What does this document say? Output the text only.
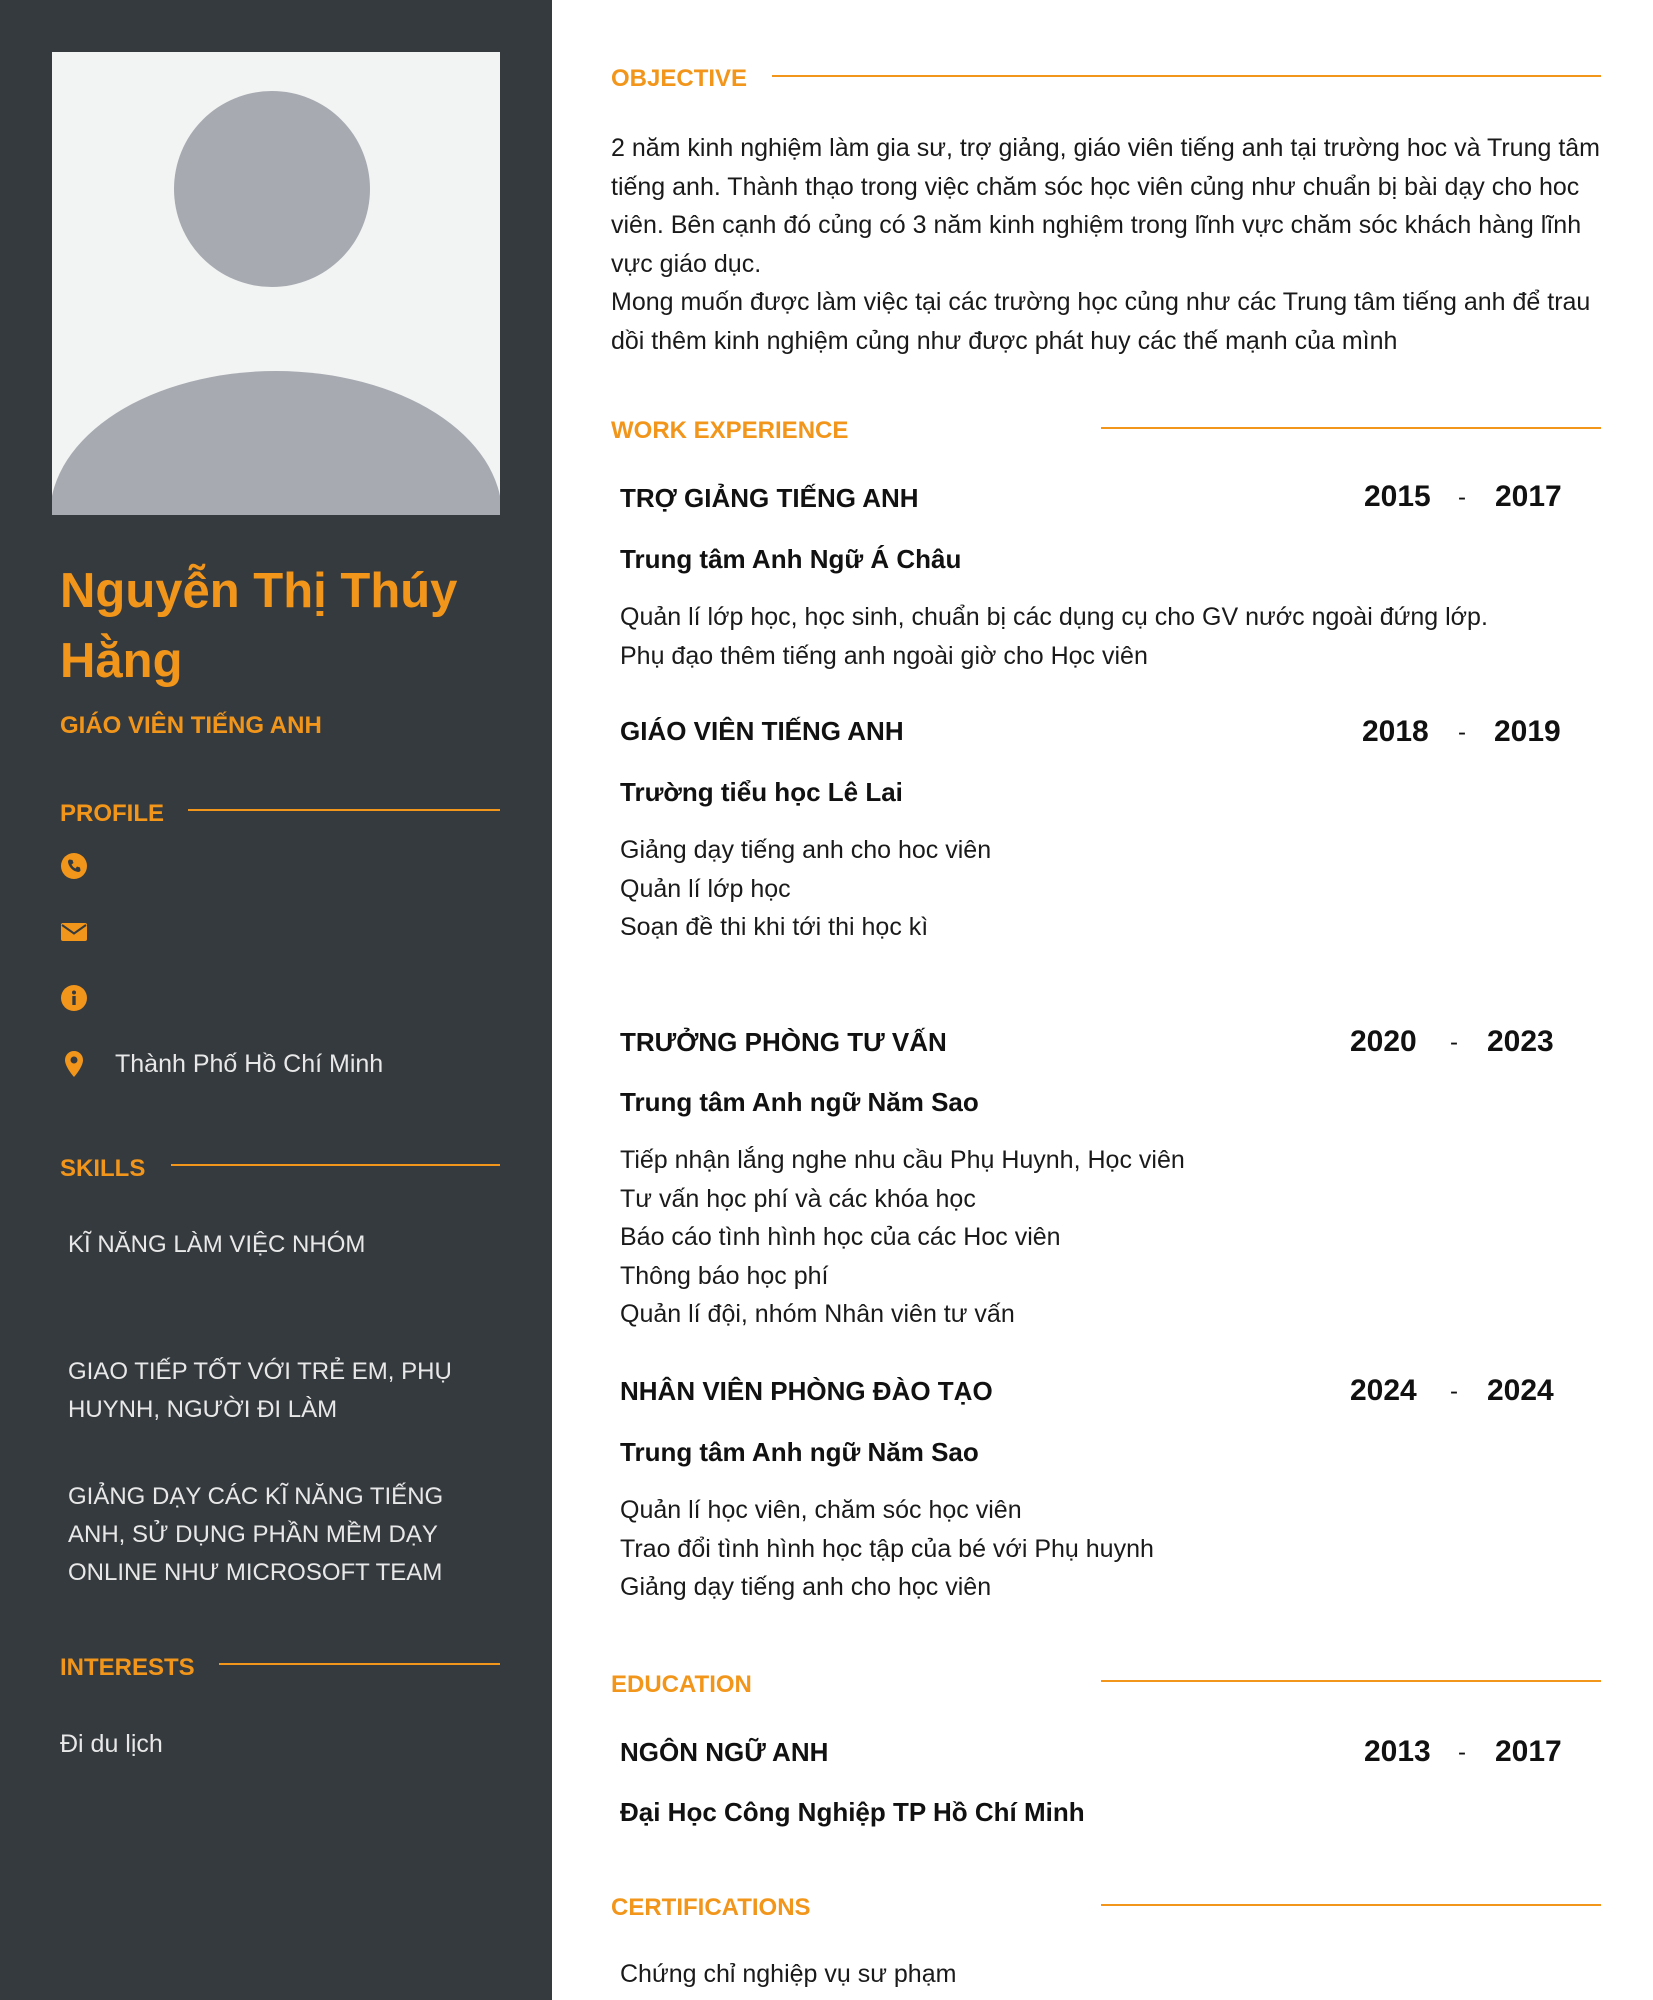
Nguyễn Thị Thúy Hằng
GIÁO VIÊN TIẾNG ANH
PROFILE
Thành Phố Hồ Chí Minh
SKILLS
KĨ NĂNG LÀM VIỆC NHÓM
GIAO TIẾP TỐT VỚI TRẺ EM, PHỤ HUYNH, NGƯỜI ĐI LÀM
GIẢNG DẠY CÁC KĨ NĂNG TIẾNG ANH, SỬ DỤNG PHẦN MỀM DẠY ONLINE NHƯ MICROSOFT TEAM
INTERESTS
Đi du lịch
OBJECTIVE
2 năm kinh nghiệm làm gia sư, trợ giảng, giáo viên tiếng anh tại trường hoc và Trung tâm tiếng anh. Thành thạo trong việc chăm sóc học viên củng như chuẩn bị bài dạy cho hoc viên. Bên cạnh đó củng có 3 năm kinh nghiệm trong lĩnh vực chăm sóc khách hàng lĩnh vực giáo dục.
Mong muốn được làm việc tại các trường học củng như các Trung tâm tiếng anh để trau dồi thêm kinh nghiệm củng như được phát huy các thế mạnh của mình
WORK EXPERIENCE
TRỢ GIẢNG TIẾNG ANH	2015 - 2017
Trung tâm Anh Ngữ Á Châu
Quản lí lớp học, học sinh, chuẩn bị các dụng cụ cho GV nước ngoài đứng lớp.
Phụ đạo thêm tiếng anh ngoài giờ cho Học viên
GIÁO VIÊN TIẾNG ANH	2018 - 2019
Trường tiểu học Lê Lai
Giảng dạy tiếng anh cho hoc viên
Quản lí lớp học
Soạn đề thi khi tới thi học kì
TRƯỞNG PHÒNG TƯ VẤN	2020 - 2023
Trung tâm Anh ngữ Năm Sao
Tiếp nhận lắng nghe nhu cầu Phụ Huynh, Học viên
Tư vấn học phí và các khóa học
Báo cáo tình hình học của các Hoc viên
Thông báo học phí
Quản lí đội, nhóm Nhân viên tư vấn
NHÂN VIÊN PHÒNG ĐÀO TẠO	2024 - 2024
Trung tâm Anh ngữ Năm Sao
Quản lí học viên, chăm sóc học viên
Trao đổi tình hình học tập của bé với Phụ huynh
Giảng dạy tiếng anh cho học viên
EDUCATION
NGÔN NGỮ ANH	2013 - 2017
Đại Học Công Nghiệp TP Hồ Chí Minh
CERTIFICATIONS
Chứng chỉ nghiệp vụ sư phạm
